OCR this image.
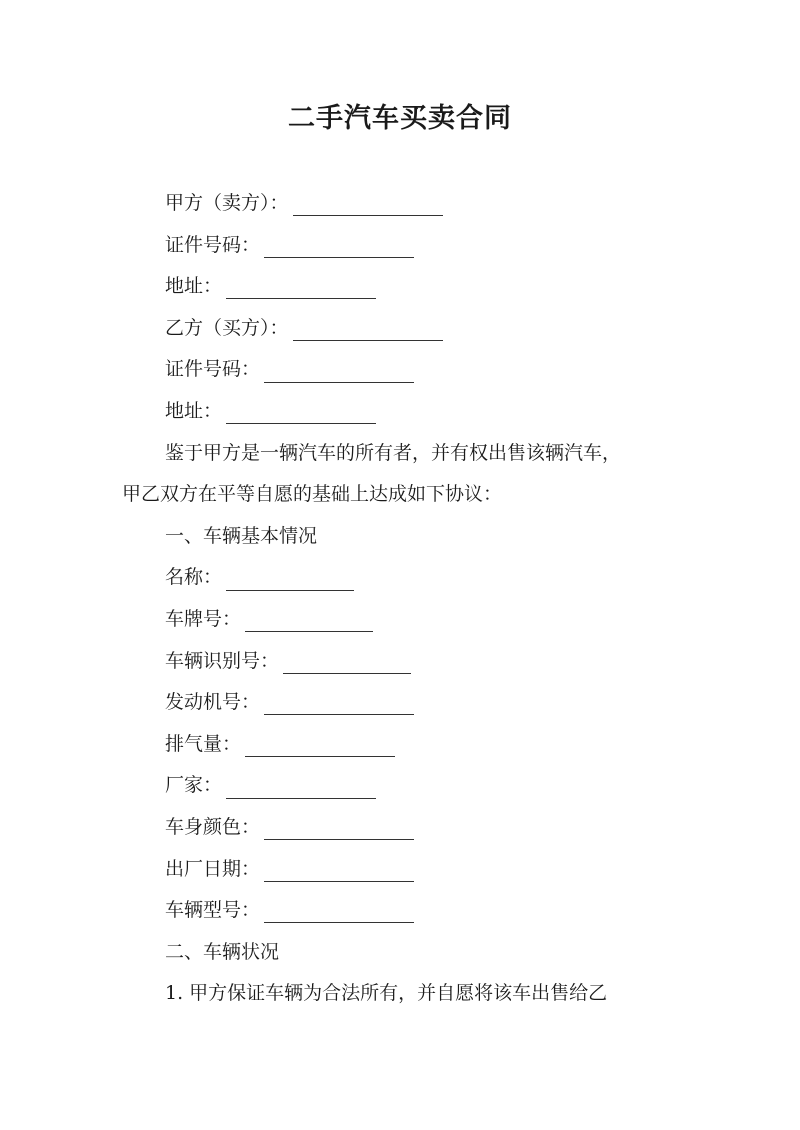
二手汽车买卖合同
甲方（卖方）：
证件号码：
地址：
乙方（买方）：
证件号码：
地址：
鉴于甲方是一辆汽车的所有者，并有权出售该辆汽车，
甲乙双方在平等自愿的基础上达成如下协议：
一、车辆基本情况
名称：
车牌号：
车辆识别号：
发动机号：
排气量：
厂家：
车身颜色：
出厂日期：
车辆型号：
二、车辆状况
1. 甲方保证车辆为合法所有，并自愿将该车出售给乙
